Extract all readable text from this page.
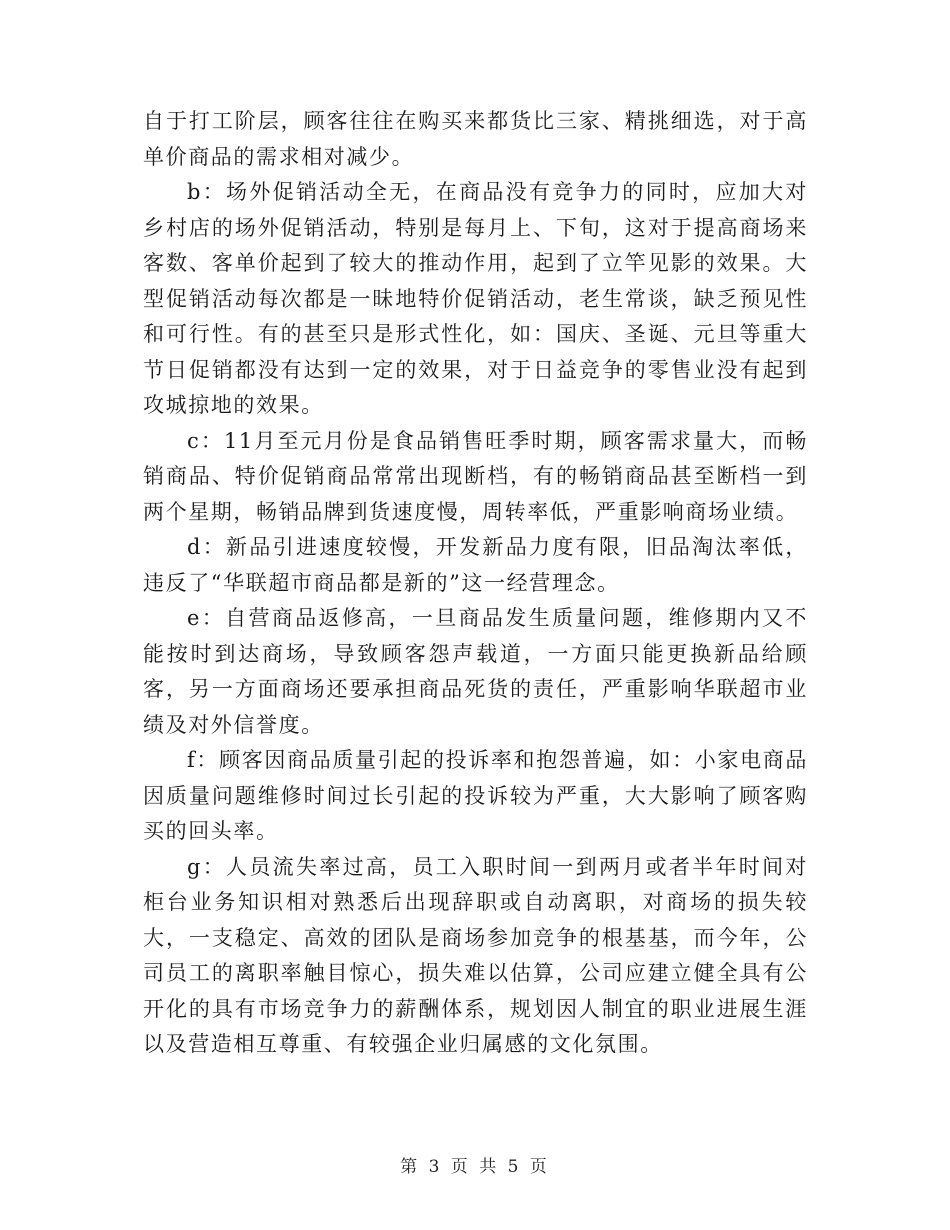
自于打工阶层，顾客往往在购买来都货比三家、精挑细选，对于高单价商品的需求相对减少。

b：场外促销活动全无，在商品没有竞争力的同时，应加大对乡村店的场外促销活动，特别是每月上、下旬，这对于提高商场来客数、客单价起到了较大的推动作用，起到了立竿见影的效果。大型促销活动每次都是一昧地特价促销活动，老生常谈，缺乏预见性和可行性。有的甚至只是形式性化，如：国庆、圣诞、元旦等重大节日促销都没有达到一定的效果，对于日益竞争的零售业没有起到攻城掠地的效果。

c：11月至元月份是食品销售旺季时期，顾客需求量大，而畅销商品、特价促销商品常常出现断档，有的畅销商品甚至断档一到两个星期，畅销品牌到货速度慢，周转率低，严重影响商场业绩。

d：新品引进速度较慢，开发新品力度有限，旧品淘汰率低，违反了“华联超市商品都是新的”这一经营理念。

e：自营商品返修高，一旦商品发生质量问题，维修期内又不能按时到达商场，导致顾客怨声载道，一方面只能更换新品给顾客，另一方面商场还要承担商品死货的责任，严重影响华联超市业绩及对外信誉度。

f：顾客因商品质量引起的投诉率和抱怨普遍，如：小家电商品因质量问题维修时间过长引起的投诉较为严重，大大影响了顾客购买的回头率。

g：人员流失率过高，员工入职时间一到两月或者半年时间对柜台业务知识相对熟悉后出现辞职或自动离职，对商场的损失较大，一支稳定、高效的团队是商场参加竞争的根基基，而今年，公司员工的离职率触目惊心，损失难以估算，公司应建立健全具有公开化的具有市场竞争力的薪酬体系，规划因人制宜的职业进展生涯以及营造相互尊重、有较强企业归属感的文化氛围。

第 3 页 共 5 页
